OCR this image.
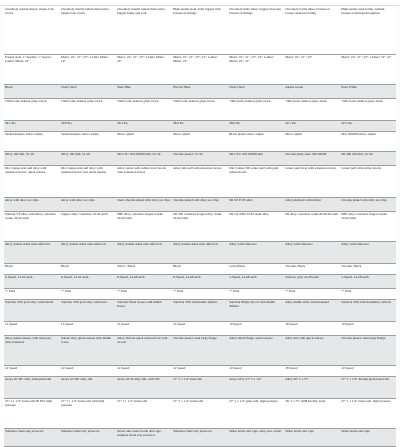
Chromoly double butted, tanges fork crown	Chromoly double butted main tubes, tanges fork crown	Chromoly double butted main tubes, lugged frame and fork	High-tensile steel, fully lugged with brazed-on fittings	Chromoly main tubes, lugged dropouts, brazed-on fittings	Chromoly frame tubes, brazed-on bosses, internal routing	High-tensile steel frame, welded, brazed-on fittings throughout
Forged steel, 1" headset, 1" steerer; Ladies' Mixte: 19"	Men's: 19", 21", 23"; Ladies' Mixte: 19"	Men's: 19", 21", 23"; Ladies' Mixte: 19"	Men's: 19", 21", 23", 25"; Ladies' Mixte: 19"	Men's: 19", 21", 23", 25"; Ladies' Mixte: 19", 21"	Men's: 19", 21", 23"	Men's: 19", 21", 23"; Ladies': 19", 21"
Black	Cherry Red	Slate Blue	Electric Blue	Cherry Red	Alpine Green	Pearl White
1500 foam cushion grips, black	1500 foam cushion grips, black	1500 foam cushion grips, black	1500 foam cushion grips, black	1500 foam cushion grips, black	1500 foam cushion grips, black	1500 foam cushion grips, black
30.1 lbs.	29.8 lbs.	29.4 lbs.	28.9 lbs.	28.6 lbs.	32.1 lbs.	32.5 lbs.
Sealed headset, micro adjust	Sealed headset, micro adjust	Micro adjust	Micro adjust	Black plastic micro adjust	Micro adjust	MA-500/800 micro adjust
Alloy 160 mm, 52 cm	Alloy 160 mm, 52 cm	SR-CTU 160/100/80 mm, 52 cm	Chrome plated, 52 cm	SR-CTU 160/100/80 mm	Chrome-moly steel 160/100/80	SR 390 160 mm, 52 cm
Dia Compe side pull alloy with extension levers, quick release	Dia Compe side pull alloy with extension levers and quick release	Alloy center pull, rubber lever hoods with extension levers	Alloy side pull with extension levers	Dia Compe 500 center pull with gum rubber hoods	Center pull lever with extension levers	Center pull with rubber hoods
Alloy with alloy toe clips	Alloy with alloy toe clips	Steel, chrome plated with alloy toe clips	Chrome plated with alloy toe clips	SR CP-E 95 alloy	Alloy platform with rubber	Chrome plated with alloy toe clips
Suntour VP alloy with Alloy cotterless crank, 52/42 teeth	Sugino alloy cotterless, 52/42 teeth	PBE alloy cotterless forged cranks 52/42 teeth	SR 700 cotterless forged alloy crank 52/42 teeth	SR 5A-3300 52/42 teeth alloy	SR alloy cotterless crank 40/36/30 teeth	PBE alloy cotterless forged cranks 52/42 teeth
Alloy double sided with reflectors	Alloy double sided with reflectors	Alloy double sided with reflectors	Alloy double sided with reflectors	Alloy with reflectors	Alloy with reflectors	Alloy with reflectors
Black	Black	Silver / Black	Black	Gold, Black	Chrome, Black	Chrome, Black
6-Speed, 14-32 teeth	6-Speed, 14-32 teeth	6-Speed, 14-28 teeth	6-Speed, 14-28 teeth	5-Speed, 14-28 teeth	Suntour, gold 14-28 teeth	5-Speed, 14-28 teeth
7" Elite	7" Elite	7" Elite	7" Elite	7" Elite	7" Elite	7" Elite
SunTour 50X gold alloy with handle	SunTour 50X gold alloy with lever	SunTour fitted bosses with thumb levers	SunTour 50X with thumb shifters	SunTour Bright Spot 6 with thumb shifters	Alloy thumb shift, stem mounted	SunTour 50X with handlebar controls
12 Speed	12 Speed	12 Speed	12 Speed	10 Speed	18 Speed	10 Speed
Alloy quick release, with wing nut, with extension	Sunair alloy quick release with thumb screw	Alloy 36 hole quick release front, bolt-on rear	Chrome plated, steel large flange	Alloy small flange, quick release	Alloy hub with quick release	Chrome plated, semi-large flange
14 Speed	14 Speed	14 Speed	12 Speed	10 Speed	18 Speed	10 Speed
Araya 20 50C alloy with quick rim	Araya 20 50C alloy rim	Araya 20 50 alloy rim, with 50C	27" x 1 1/4" steel rim	Araya 20 S, 27" x 1 1/4"	Alloy 26" x 1.75"	27" x 1 1/4" chrome plated steel rim
27" x 1 1/4" Gum wall 90 PSI, high pressure	27" x 1 1/4" Gum wall with high pressure	27" x 1 1/4" Gum wall	27" x 1 1/4" Gum wall	27" x 1 1/4" gum wall, high pressure	26" x 1.75" ATB knobby tread	27" x 1 1/4" Gum wall, high pressure
Stainless chain stay protector	Stainless chain stay protector	Down tube water bottle and cage, stainless chain stay protector	Stainless chain stay protector	Water bottle and cage, alloy rear carrier	Water bottle and cage	Water bottle and cage
